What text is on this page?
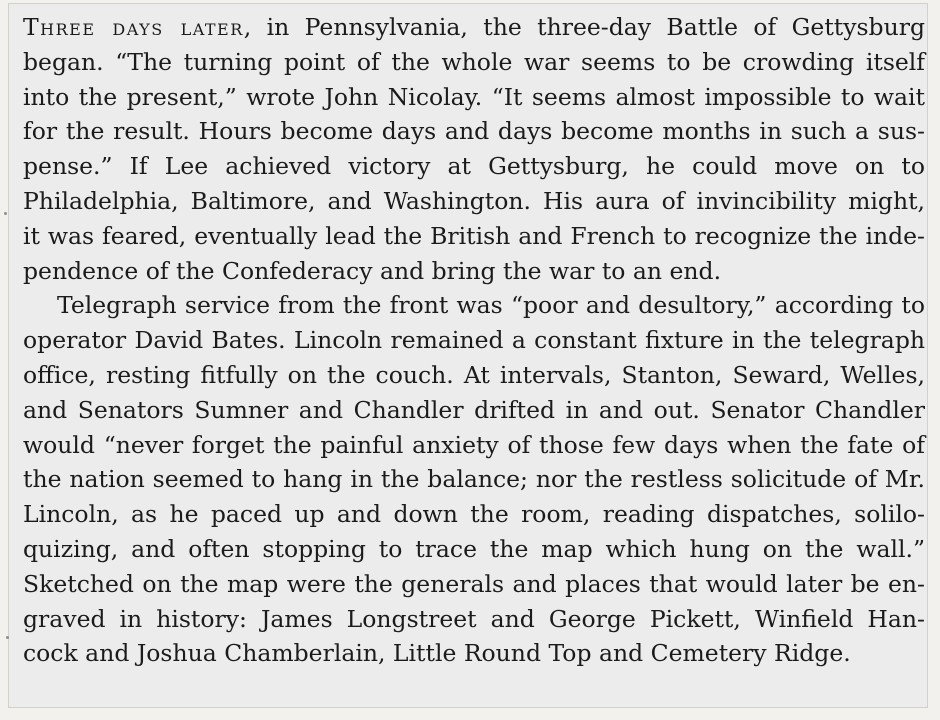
Three days later, in Pennsylvania, the three-day Battle of Gettysburg
began. “The turning point of the whole war seems to be crowding itself
into the present,” wrote John Nicolay. “It seems almost impossible to wait
for the result. Hours become days and days become months in such a sus-
pense.” If Lee achieved victory at Gettysburg, he could move on to
Philadelphia, Baltimore, and Washington. His aura of invincibility might,
it was feared, eventually lead the British and French to recognize the inde-
pendence of the Confederacy and bring the war to an end.
Telegraph service from the front was “poor and desultory,” according to
operator David Bates. Lincoln remained a constant fixture in the telegraph
office, resting fitfully on the couch. At intervals, Stanton, Seward, Welles,
and Senators Sumner and Chandler drifted in and out. Senator Chandler
would “never forget the painful anxiety of those few days when the fate of
the nation seemed to hang in the balance; nor the restless solicitude of Mr.
Lincoln, as he paced up and down the room, reading dispatches, solilo-
quizing, and often stopping to trace the map which hung on the wall.”
Sketched on the map were the generals and places that would later be en-
graved in history: James Longstreet and George Pickett, Winfield Han-
cock and Joshua Chamberlain, Little Round Top and Cemetery Ridge.
